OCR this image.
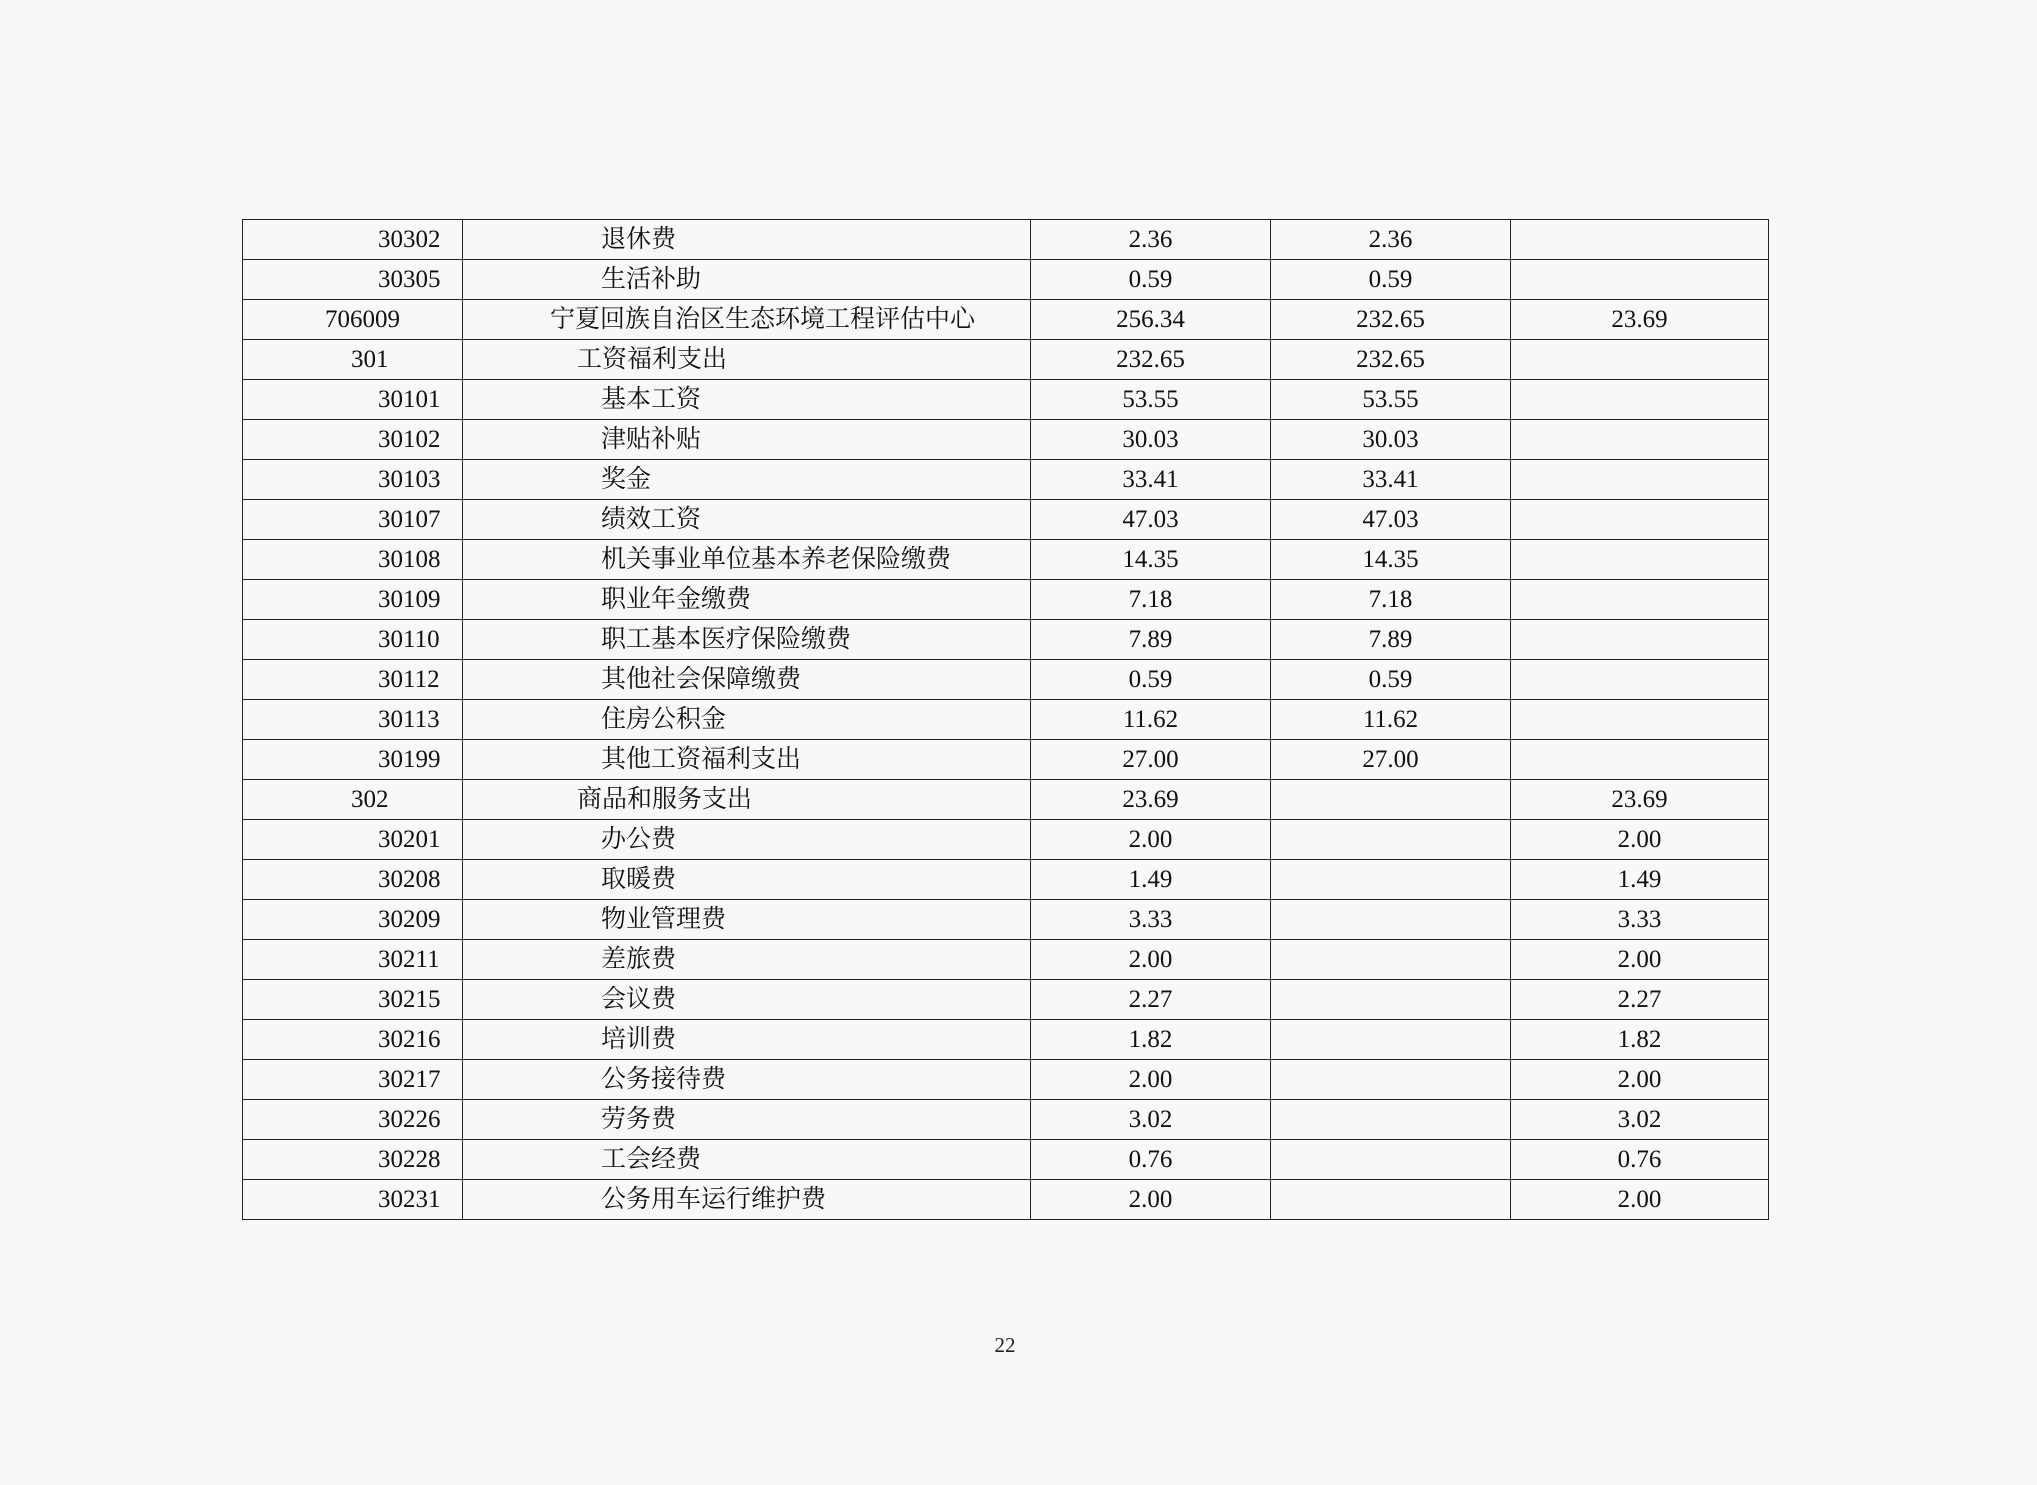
30302	退休费	2.36	2.36	
30305	生活补助	0.59	0.59	
706009	宁夏回族自治区生态环境工程评估中心	256.34	232.65	23.69
301	工资福利支出	232.65	232.65	
30101	基本工资	53.55	53.55	
30102	津贴补贴	30.03	30.03	
30103	奖金	33.41	33.41	
30107	绩效工资	47.03	47.03	
30108	机关事业单位基本养老保险缴费	14.35	14.35	
30109	职业年金缴费	7.18	7.18	
30110	职工基本医疗保险缴费	7.89	7.89	
30112	其他社会保障缴费	0.59	0.59	
30113	住房公积金	11.62	11.62	
30199	其他工资福利支出	27.00	27.00	
302	商品和服务支出	23.69		23.69
30201	办公费	2.00		2.00
30208	取暖费	1.49		1.49
30209	物业管理费	3.33		3.33
30211	差旅费	2.00		2.00
30215	会议费	2.27		2.27
30216	培训费	1.82		1.82
30217	公务接待费	2.00		2.00
30226	劳务费	3.02		3.02
30228	工会经费	0.76		0.76
30231	公务用车运行维护费	2.00		2.00
22
